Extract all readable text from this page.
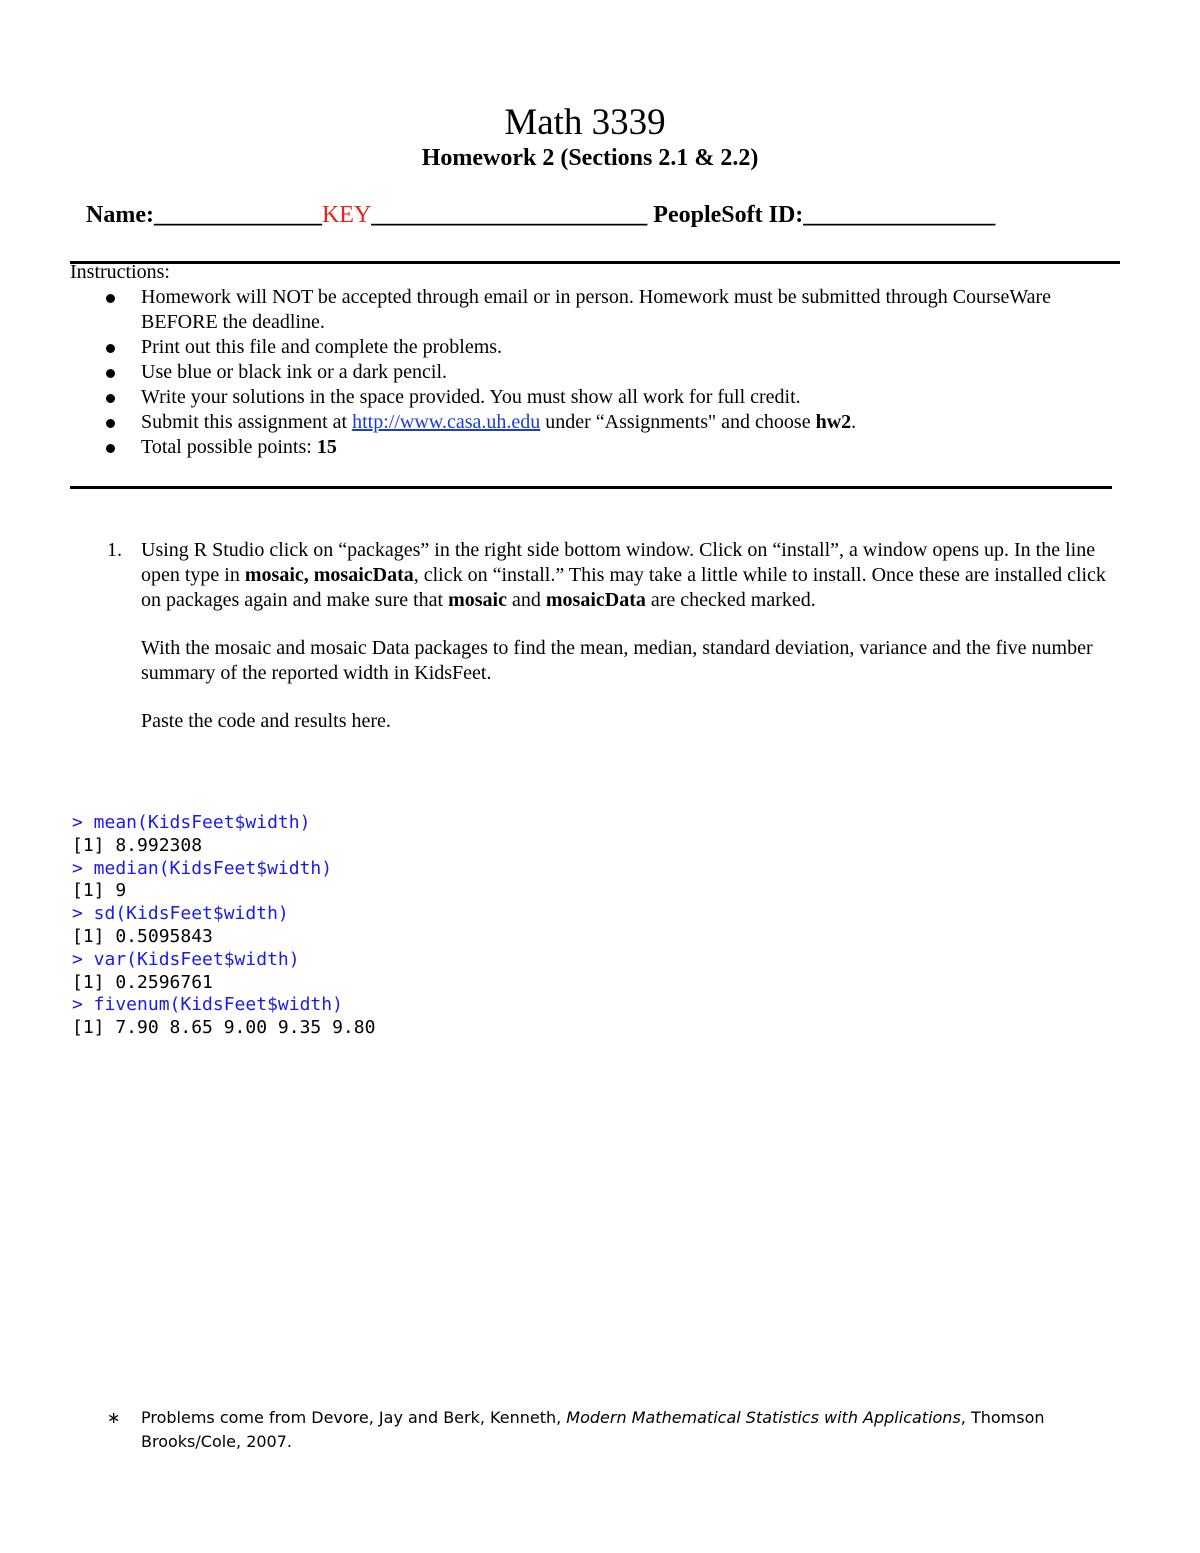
Math 3339
Homework 2 (Sections 2.1 & 2.2)
Name:______________KEY_______________________ PeopleSoft ID:________________
Instructions:
Homework will NOT be accepted through email or in person. Homework must be submitted through CourseWare BEFORE the deadline.
Print out this file and complete the problems.
Use blue or black ink or a dark pencil.
Write your solutions in the space provided. You must show all work for full credit.
Submit this assignment at http://www.casa.uh.edu under “Assignments" and choose hw2.
Total possible points: 15
1. Using R Studio click on “packages” in the right side bottom window. Click on “install”, a window opens up. In the line open type in mosaic, mosaicData, click on “install.” This may take a little while to install. Once these are installed click on packages again and make sure that mosaic and mosaicData are checked marked.

With the mosaic and mosaic Data packages to find the mean, median, standard deviation, variance and the five number summary of the reported width in KidsFeet.

Paste the code and results here.

> mean(KidsFeet$width)
[1] 8.992308
> median(KidsFeet$width)
[1] 9
> sd(KidsFeet$width)
[1] 0.5095843
> var(KidsFeet$width)
[1] 0.2596761
> fivenum(KidsFeet$width)
[1] 7.90 8.65 9.00 9.35 9.80
∗ Problems come from Devore, Jay and Berk, Kenneth, Modern Mathematical Statistics with Applications, Thomson Brooks/Cole, 2007.
